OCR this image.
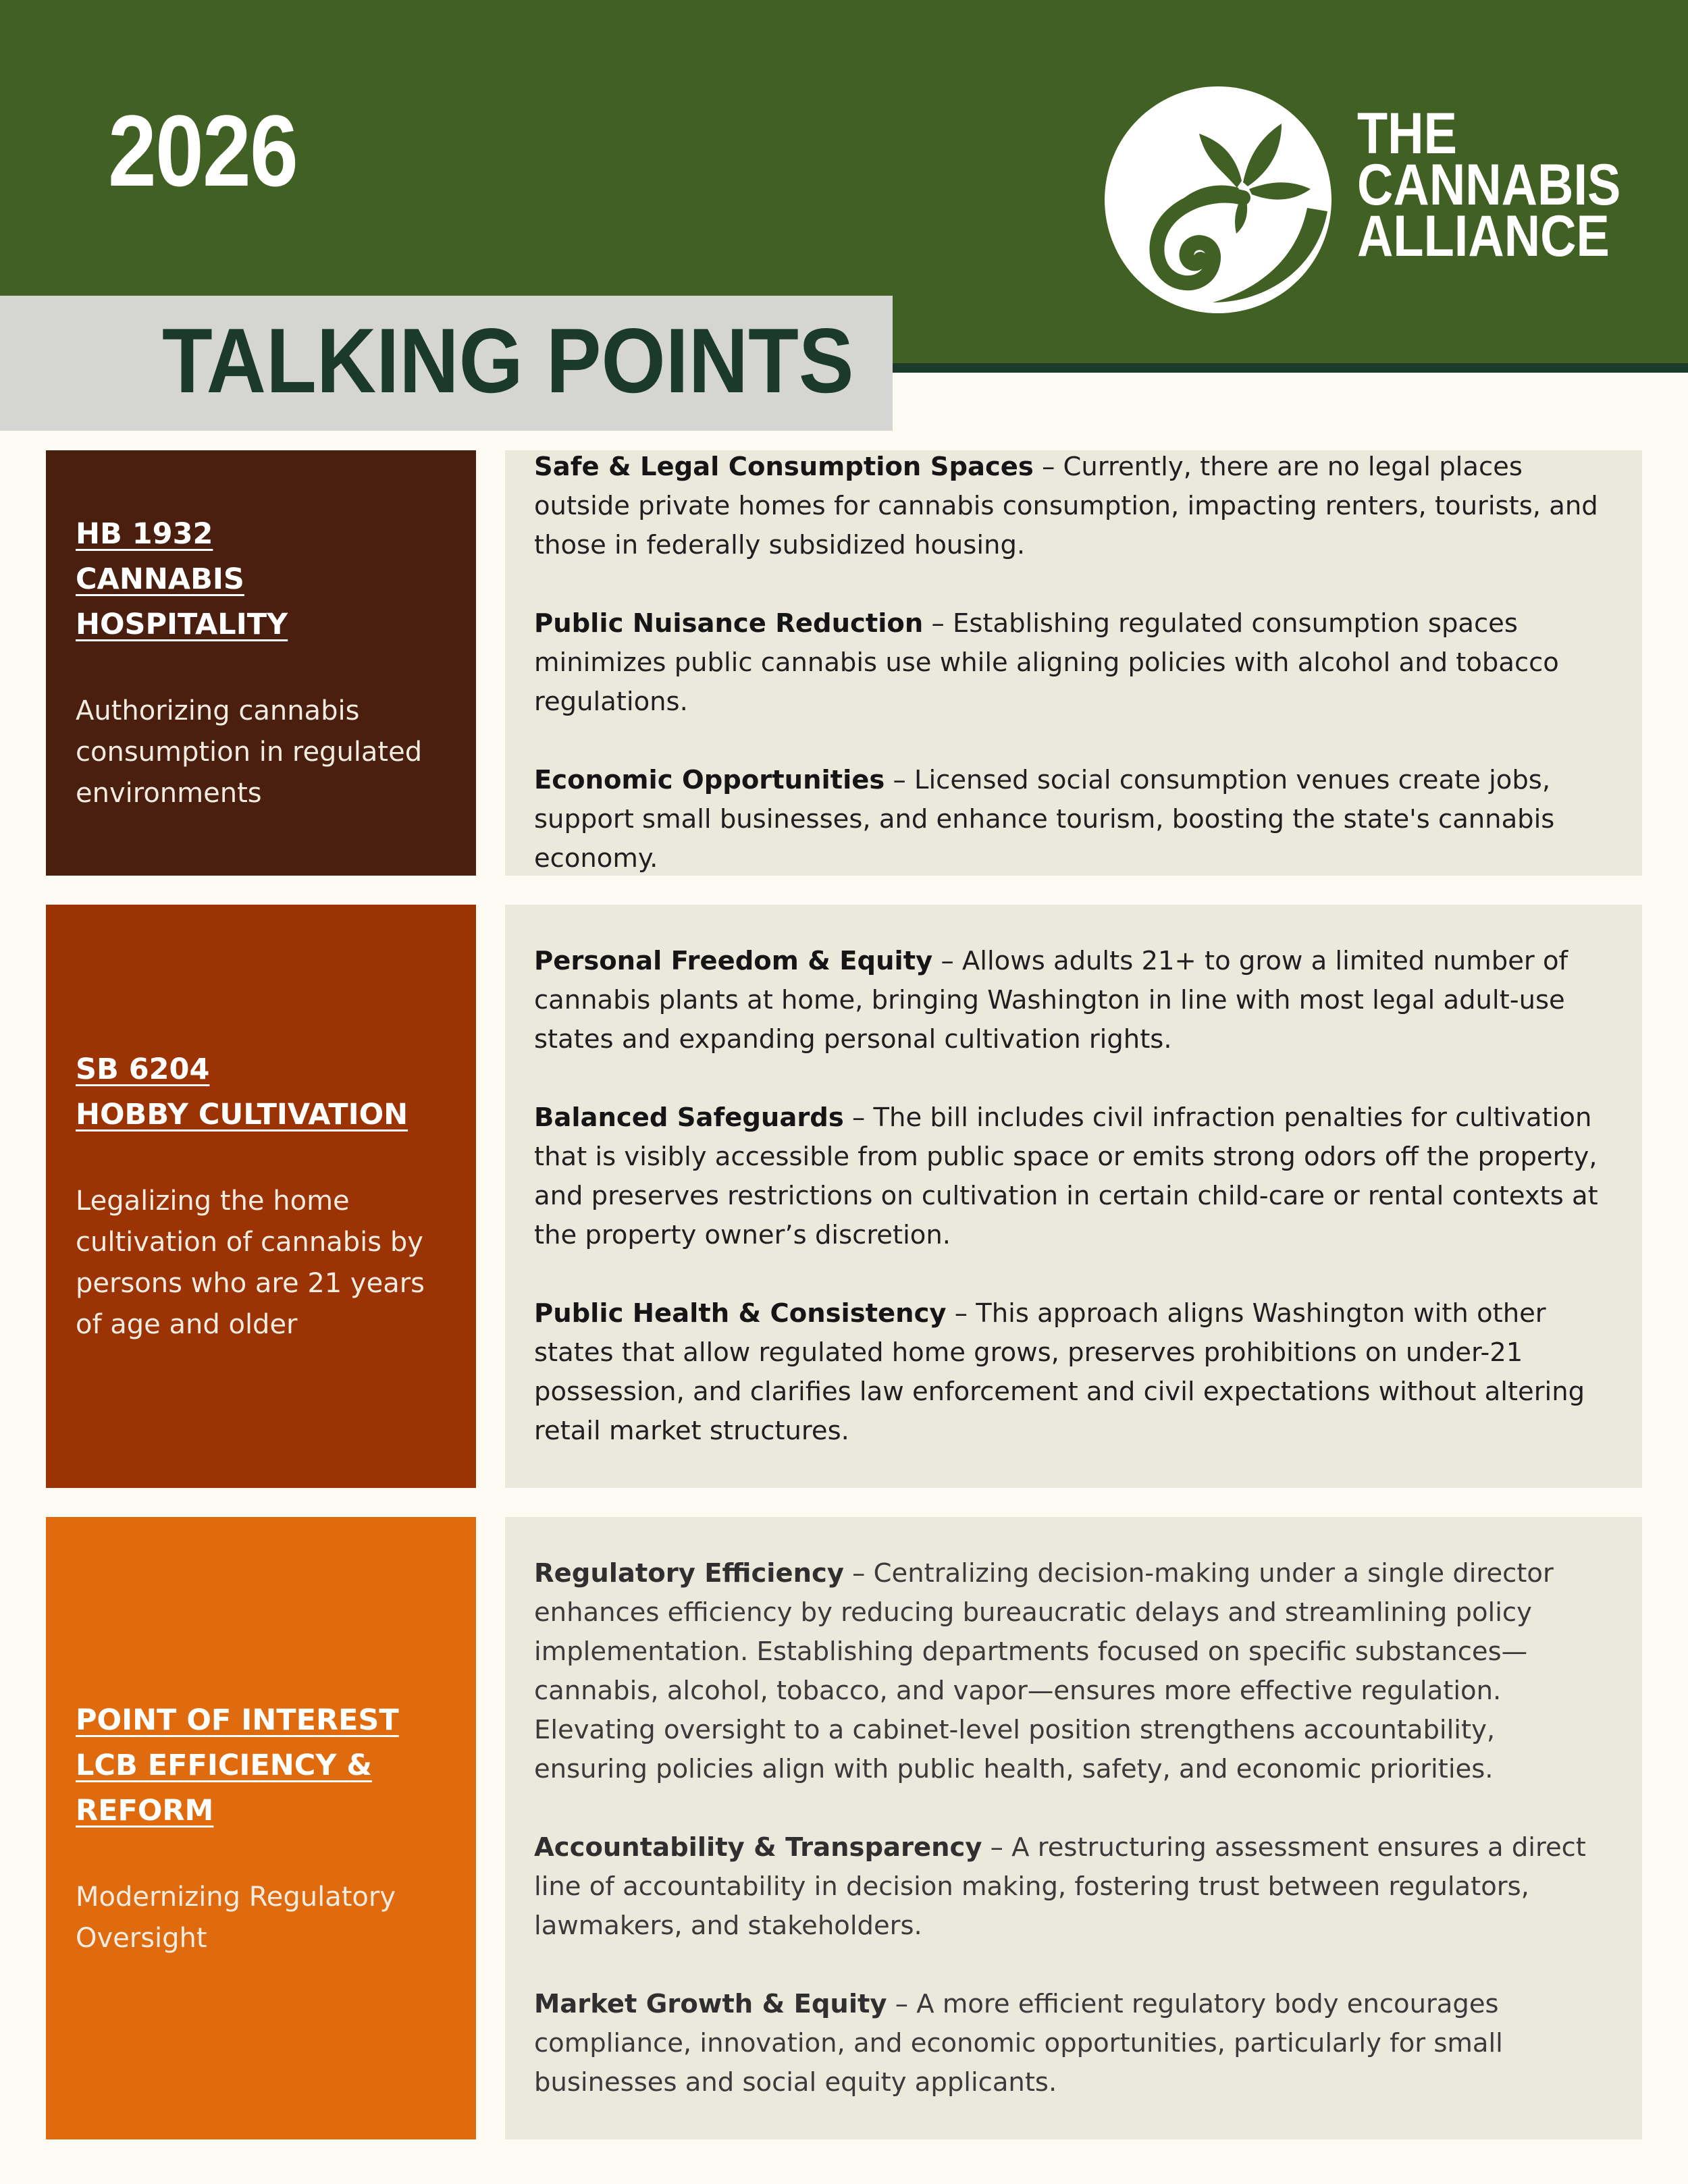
2026	THE
CANNABIS
ALLIANCE
TALKING POINTS
HB 1932
CANNABIS
HOSPITALITY
Authorizing cannabis consumption in regulated environments
Safe & Legal Consumption Spaces – Currently, there are no legal places outside private homes for cannabis consumption, impacting renters, tourists, and those in federally subsidized housing.
Public Nuisance Reduction – Establishing regulated consumption spaces minimizes public cannabis use while aligning policies with alcohol and tobacco regulations.
Economic Opportunities – Licensed social consumption venues create jobs, support small businesses, and enhance tourism, boosting the state's cannabis economy.
SB 6204
HOBBY CULTIVATION
Legalizing the home cultivation of cannabis by persons who are 21 years of age and older
Personal Freedom & Equity – Allows adults 21+ to grow a limited number of cannabis plants at home, bringing Washington in line with most legal adult-use states and expanding personal cultivation rights.
Balanced Safeguards – The bill includes civil infraction penalties for cultivation that is visibly accessible from public space or emits strong odors off the property, and preserves restrictions on cultivation in certain child-care or rental contexts at the property owner’s discretion.
Public Health & Consistency – This approach aligns Washington with other states that allow regulated home grows, preserves prohibitions on under-21 possession, and clarifies law enforcement and civil expectations without altering retail market structures.
POINT OF INTEREST
LCB EFFICIENCY &
REFORM
Modernizing Regulatory Oversight
Regulatory Efficiency – Centralizing decision-making under a single director enhances efficiency by reducing bureaucratic delays and streamlining policy implementation. Establishing departments focused on specific substances—cannabis, alcohol, tobacco, and vapor—ensures more effective regulation. Elevating oversight to a cabinet-level position strengthens accountability, ensuring policies align with public health, safety, and economic priorities.
Accountability & Transparency – A restructuring assessment ensures a direct line of accountability in decision making, fostering trust between regulators, lawmakers, and stakeholders.
Market Growth & Equity – A more efficient regulatory body encourages compliance, innovation, and economic opportunities, particularly for small businesses and social equity applicants.
